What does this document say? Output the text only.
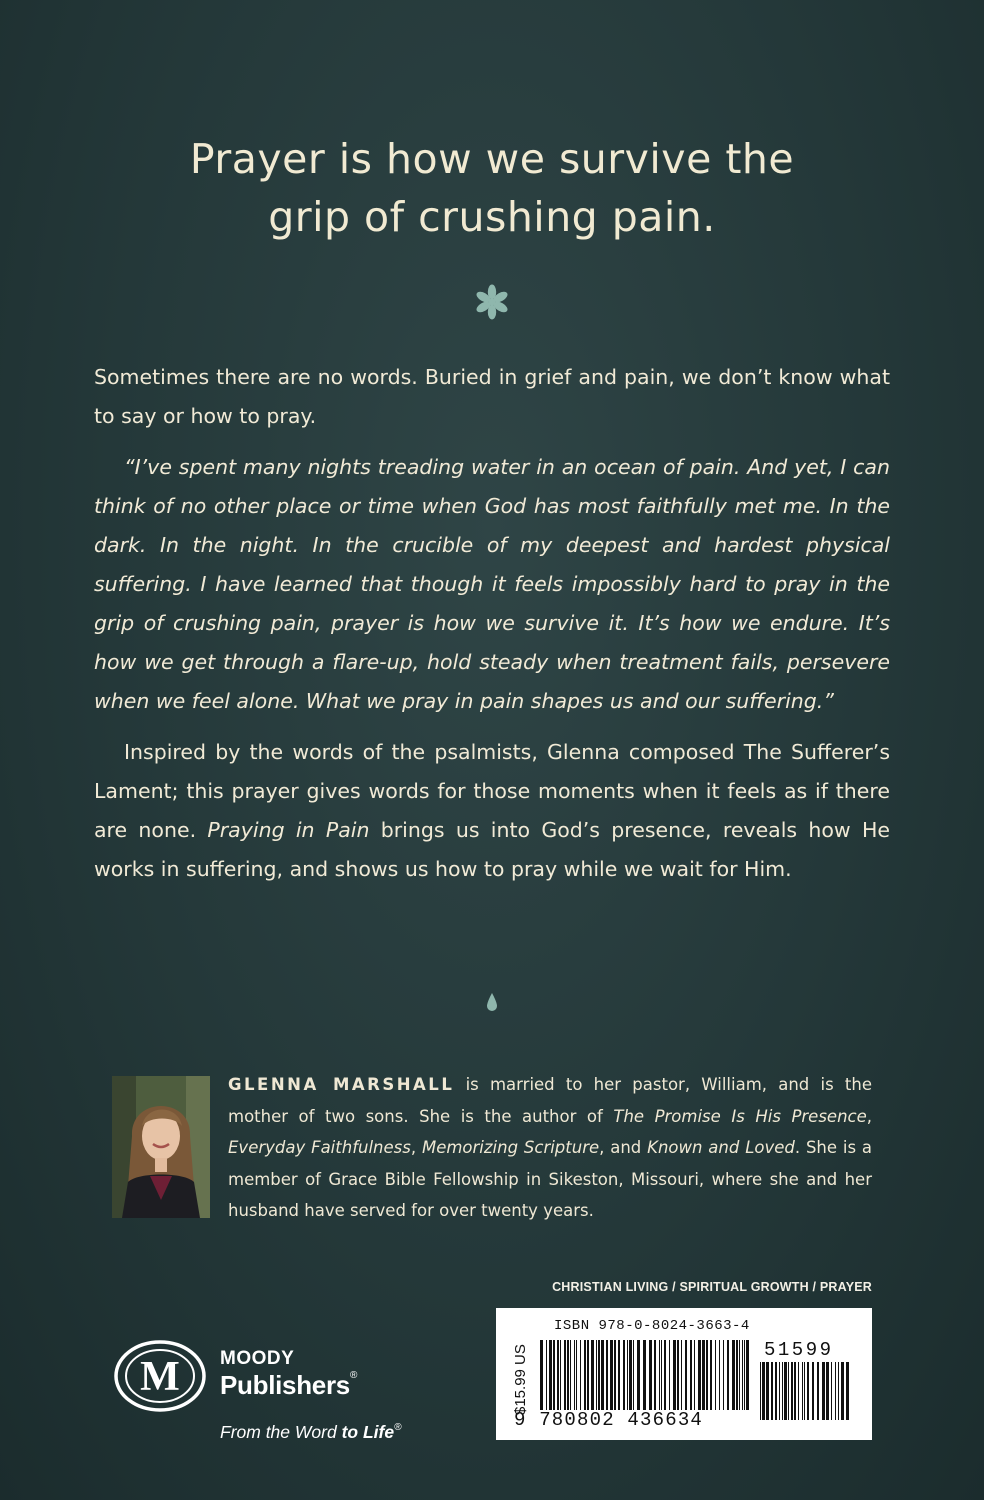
Prayer is how we survive the
grip of crushing pain.

Sometimes there are no words. Buried in grief and pain, we don’t know what to say or how to pray.

“I’ve spent many nights treading water in an ocean of pain. And yet, I can think of no other place or time when God has most faithfully met me. In the dark. In the night. In the crucible of my deepest and hardest physical suffering. I have learned that though it feels impossibly hard to pray in the grip of crushing pain, prayer is how we survive it. It’s how we endure. It’s how we get through a flare-up, hold steady when treatment fails, persevere when we feel alone. What we pray in pain shapes us and our suffering.”

Inspired by the words of the psalmists, Glenna composed The Sufferer’s Lament; this prayer gives words for those moments when it feels as if there are none. Praying in Pain brings us into God’s presence, reveals how He works in suffering, and shows us how to pray while we wait for Him.

GLENNA MARSHALL is married to her pastor, William, and is the mother of two sons. She is the author of The Promise Is His Presence, Everyday Faithfulness, Memorizing Scripture, and Known and Loved. She is a member of Grace Bible Fellowship in Sikeston, Missouri, where she and her husband have served for over twenty years.
CHRISTIAN LIVING / SPIRITUAL GROWTH / PRAYER
$15.99 US
ISBN 978-0-8024-3663-4
9 780802 436634
51599
M MOODY
Publishers®
From the Word to Life®
